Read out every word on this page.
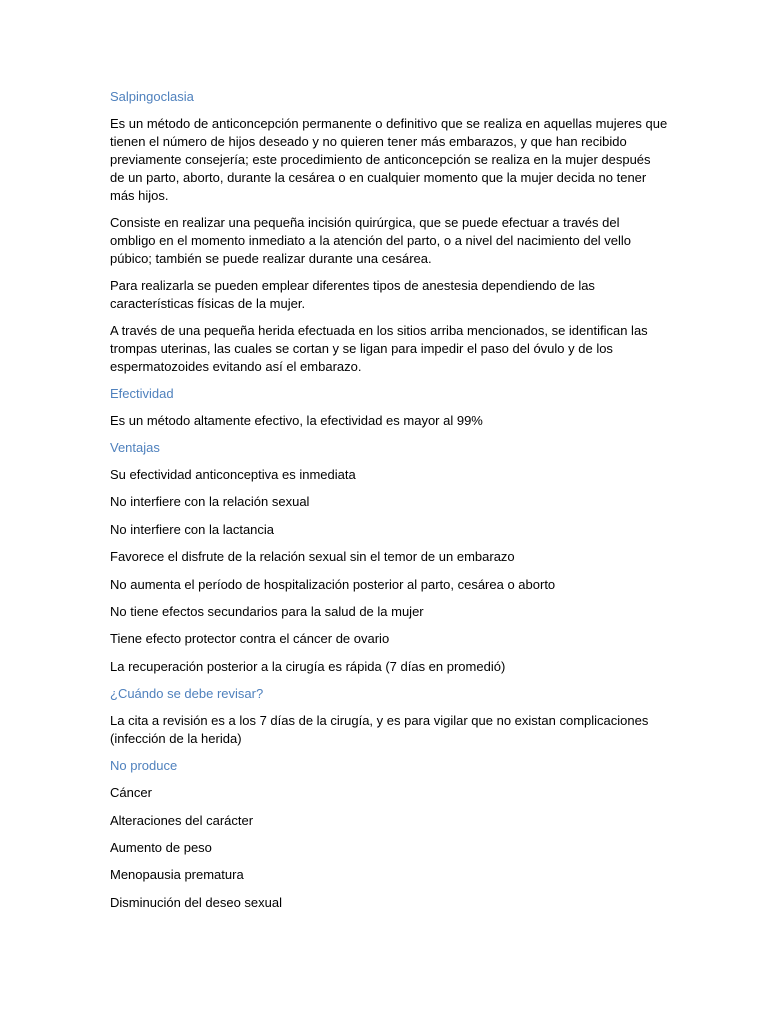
Salpingoclasia

Es un método de anticoncepción permanente o definitivo que se realiza en aquellas mujeres que tienen el número de hijos deseado y no quieren tener más embarazos, y que han recibido previamente consejería; este procedimiento de anticoncepción se realiza en la mujer después de un parto, aborto, durante la cesárea o en cualquier momento que la mujer decida no tener más hijos.

Consiste en realizar una pequeña incisión quirúrgica, que se puede efectuar a través del ombligo en el momento inmediato a la atención del parto, o a nivel del nacimiento del vello púbico; también se puede realizar durante una cesárea.

Para realizarla se pueden emplear diferentes tipos de anestesia dependiendo de las características físicas de la mujer.

A través de una pequeña herida efectuada en los sitios arriba mencionados, se identifican las trompas uterinas, las cuales se cortan y se ligan para impedir el paso del óvulo y de los espermatozoides evitando así el embarazo.

Efectividad

Es un método altamente efectivo, la efectividad es mayor al 99%

Ventajas
Su efectividad anticonceptiva es inmediata
No interfiere con la relación sexual
No interfiere con la lactancia
Favorece el disfrute de la relación sexual sin el temor de un embarazo
No aumenta el período de hospitalización posterior al parto, cesárea o aborto
No tiene efectos secundarios para la salud de la mujer
Tiene efecto protector contra el cáncer de ovario
La recuperación posterior a la cirugía es rápida (7 días en promedió)
¿Cuándo se debe revisar?

La cita a revisión es a los 7 días de la cirugía, y es para vigilar que no existan complicaciones (infección de la herida)

No produce
Cáncer
Alteraciones del carácter
Aumento de peso
Menopausia prematura
Disminución del deseo sexual
